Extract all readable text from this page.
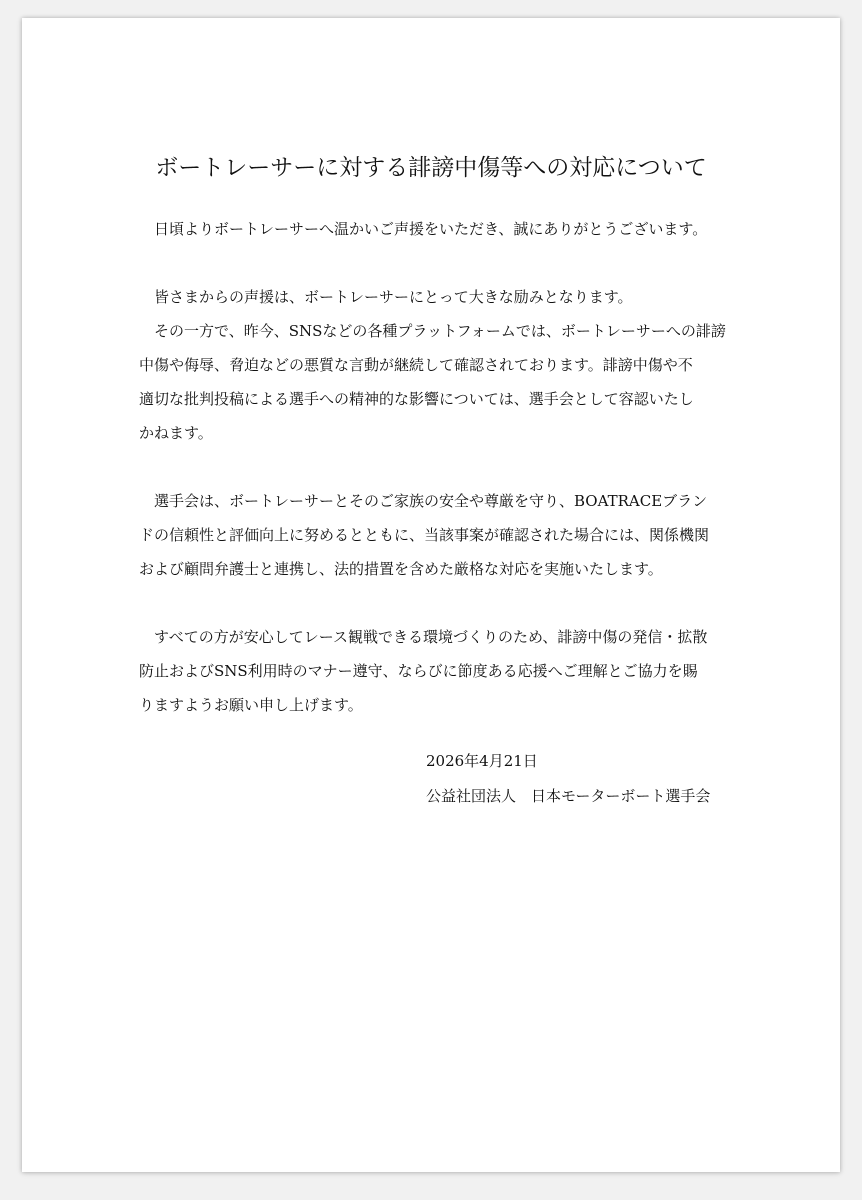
ボートレーサーに対する誹謗中傷等への対応について

　日頃よりボートレーサーへ温かいご声援をいただき、誠にありがとうございます。

　皆さまからの声援は、ボートレーサーにとって大きな励みとなります。
　その一方で、昨今、SNSなどの各種プラットフォームでは、ボートレーサーへの誹謗
中傷や侮辱、脅迫などの悪質な言動が継続して確認されております。誹謗中傷や不
適切な批判投稿による選手への精神的な影響については、選手会として容認いたし
かねます。

　選手会は、ボートレーサーとそのご家族の安全や尊厳を守り、BOATRACEブラン
ドの信頼性と評価向上に努めるとともに、当該事案が確認された場合には、関係機関
および顧問弁護士と連携し、法的措置を含めた厳格な対応を実施いたします。

　すべての方が安心してレース観戦できる環境づくりのため、誹謗中傷の発信・拡散
防止およびSNS利用時のマナー遵守、ならびに節度ある応援へご理解とご協力を賜
りますようお願い申し上げます。

2026年4月21日
公益社団法人　日本モーターボート選手会
